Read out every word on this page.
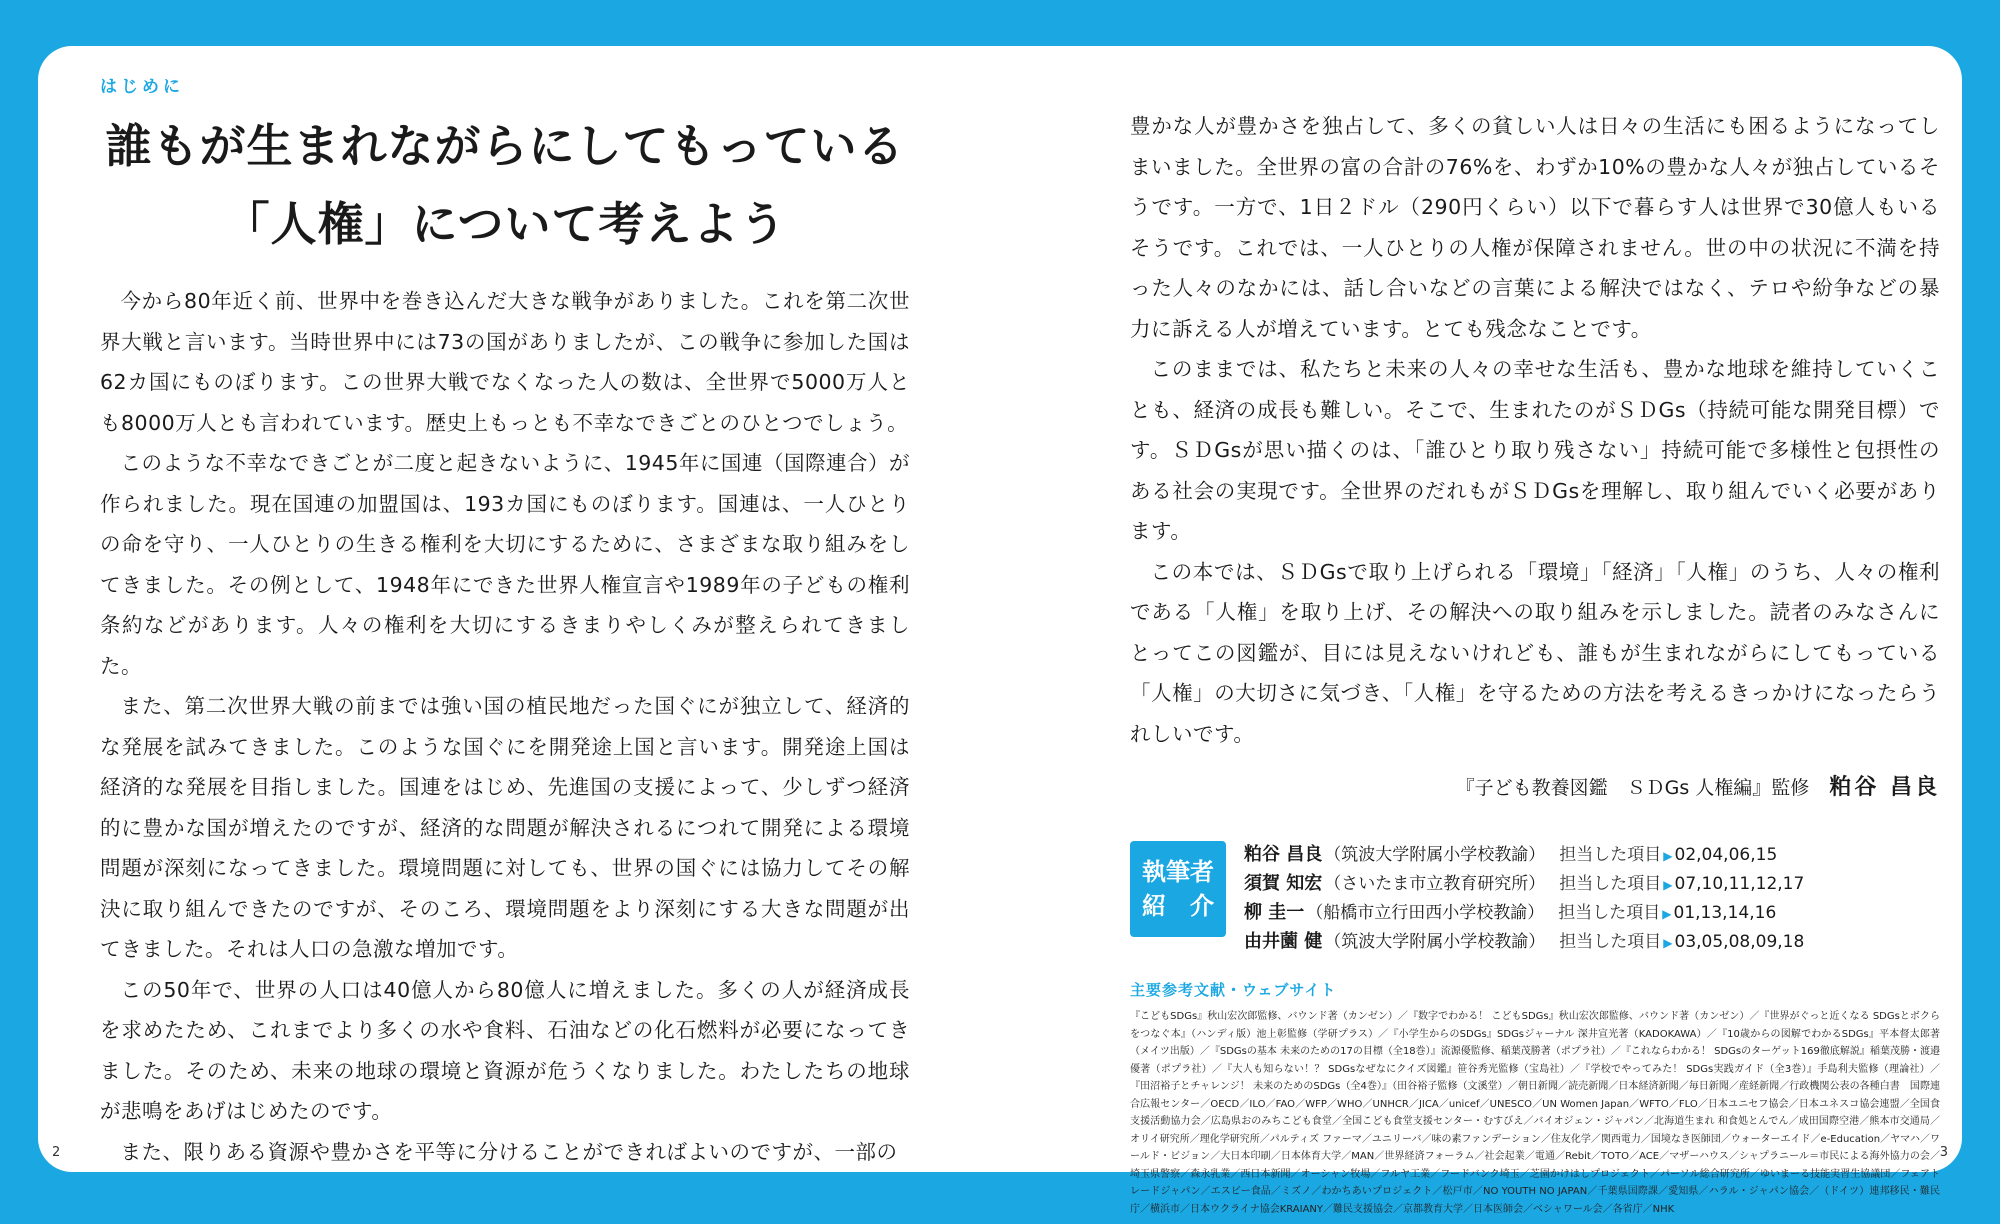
はじめに
誰もが生まれながらにしてもっている
「人権」について考えよう

今から80年近く前、世界中を巻き込んだ大きな戦争がありました。これを第二次世界大戦と言います。当時世界中には73の国がありましたが、この戦争に参加した国は62カ国にものぼります。この世界大戦でなくなった人の数は、全世界で5000万人とも8000万人とも言われています。歴史上もっとも不幸なできごとのひとつでしょう。

このような不幸なできごとが二度と起きないように、1945年に国連（国際連合）が作られました。現在国連の加盟国は、193カ国にものぼります。国連は、一人ひとりの命を守り、一人ひとりの生きる権利を大切にするために、さまざまな取り組みをしてきました。その例として、1948年にできた世界人権宣言や1989年の子どもの権利条約などがあります。人々の権利を大切にするきまりやしくみが整えられてきました。

また、第二次世界大戦の前までは強い国の植民地だった国ぐにが独立して、経済的な発展を試みてきました。このような国ぐにを開発途上国と言います。開発途上国は経済的な発展を目指しました。国連をはじめ、先進国の支援によって、少しずつ経済的に豊かな国が増えたのですが、経済的な問題が解決されるにつれて開発による環境問題が深刻になってきました。環境問題に対しても、世界の国ぐには協力してその解決に取り組んできたのですが、そのころ、環境問題をより深刻にする大きな問題が出てきました。それは人口の急激な増加です。

この50年で、世界の人口は40億人から80億人に増えました。多くの人が経済成長を求めたため、これまでより多くの水や食料、石油などの化石燃料が必要になってきました。そのため、未来の地球の環境と資源が危うくなりました。わたしたちの地球が悲鳴をあげはじめたのです。

また、限りある資源や豊かさを平等に分けることができればよいのですが、一部の

豊かな人が豊かさを独占して、多くの貧しい人は日々の生活にも困るようになってしまいました。全世界の富の合計の76%を、わずか10%の豊かな人々が独占しているそうです。一方で、1日２ドル（290円くらい）以下で暮らす人は世界で30億人もいるそうです。これでは、一人ひとりの人権が保障されません。世の中の状況に不満を持った人々のなかには、話し合いなどの言葉による解決ではなく、テロや紛争などの暴力に訴える人が増えています。とても残念なことです。

このままでは、私たちと未来の人々の幸せな生活も、豊かな地球を維持していくことも、経済の成長も難しい。そこで、生まれたのがＳＤGs（持続可能な開発目標）です。ＳＤGsが思い描くのは、「誰ひとり取り残さない」持続可能で多様性と包摂性のある社会の実現です。全世界のだれもがＳＤGsを理解し、取り組んでいく必要があります。

この本では、ＳＤGsで取り上げられる「環境」「経済」「人権」のうち、人々の権利である「人権」を取り上げ、その解決への取り組みを示しました。読者のみなさんにとってこの図鑑が、目には見えないけれども、誰もが生まれながらにしてもっている「人権」の大切さに気づき、「人権」を守るための方法を考えるきっかけになったらうれしいです。

『子ども教養図鑑　ＳＤGs 人権編』監修 粕谷 昌良
執筆者
紹　介
粕谷 昌良 （筑波大学附属小学校教諭） 担当した項目 ▶ 02,04,06,15
須賀 知宏 （さいたま市立教育研究所） 担当した項目 ▶ 07,10,11,12,17
柳 圭一 （船橋市立行田西小学校教諭） 担当した項目 ▶ 01,13,14,16
由井薗 健 （筑波大学附属小学校教諭） 担当した項目 ▶ 03,05,08,09,18
主要参考文献・ウェブサイト
『こどもSDGs』秋山宏次郎監修、バウンド著（カンゼン）／『数字でわかる！ こどもSDGs』秋山宏次郎監修、バウンド著（カンゼン）／『世界がぐっと近くなる SDGsとボクらをつなぐ本』（ハンディ版）池上彰監修（学研プラス）／『小学生からのSDGs』SDGsジャーナル 深井宣光著（KADOKAWA）／『10歳からの図解でわかるSDGs』平本督太郎著（メイツ出版）／『SDGsの基本 未来のための17の目標（全18巻）』流源優監修、稲葉茂勝著（ポプラ社）／『これならわかる！ SDGsのターゲット169徹底解説』稲葉茂勝・渡邉優著（ポプラ社）／『大人も知らない！？ SDGsなぜなにクイズ図鑑』笹谷秀光監修（宝島社）／『学校でやってみた！ SDGs実践ガイド（全3巻）』手島利夫監修（理論社）／『田沼裕子とチャレンジ！ 未来のためのSDGs（全4巻）』（田谷裕子監修（文溪堂）／朝日新聞／読売新聞／日本経済新聞／毎日新聞／産経新聞／行政機関公表の各種白書　国際連合広報センター／OECD／ILO／FAO／WFP／WHO／UNHCR／JICA／unicef／UNESCO／UN Women Japan／WFTO／FLO／日本ユニセフ協会／日本ユネスコ協会連盟／全国食支援活動協力会／広島県おのみちこども食堂／全国こども食堂支援センター・むすびえ／バイオジェン・ジャパン／北海道生まれ 和食処とんでん／成田国際空港／熊本市交通局／オリイ研究所／理化学研究所／パルティズ ファーマ／ユニリーバ／味の素ファンデーション／住友化学／関西電力／国境なき医師団／ウォーターエイド／e-Education／ヤマハ／ワールド・ビジョン／大日本印刷／日本体育大学／MAN／世界経済フォーラム／社会起業／電通／Rebit／TOTO／ACE／マザーハウス／シャプラニール＝市民による海外協力の会／埼玉県警察／森永乳業／西日本新聞／オーシャン牧場／フルヤ工業／フードバンク埼玉／芝園かけはしプロジェクト／パーソル総合研究所／ゆいまーる技能実習生協議団／フェアトレードジャパン／エスビー食品／ミズノ／わかちあいプロジェクト／松戸市／NO YOUTH NO JAPAN／千葉県国際課／愛知県／ハラル・ジャパン協会／（ドイツ）連邦移民・難民庁／横浜市／日本ウクライナ協会KRAIANY／難民支援協会／京都教育大学／日本医師会／ベシャワール会／各省庁／NHK
2	3
